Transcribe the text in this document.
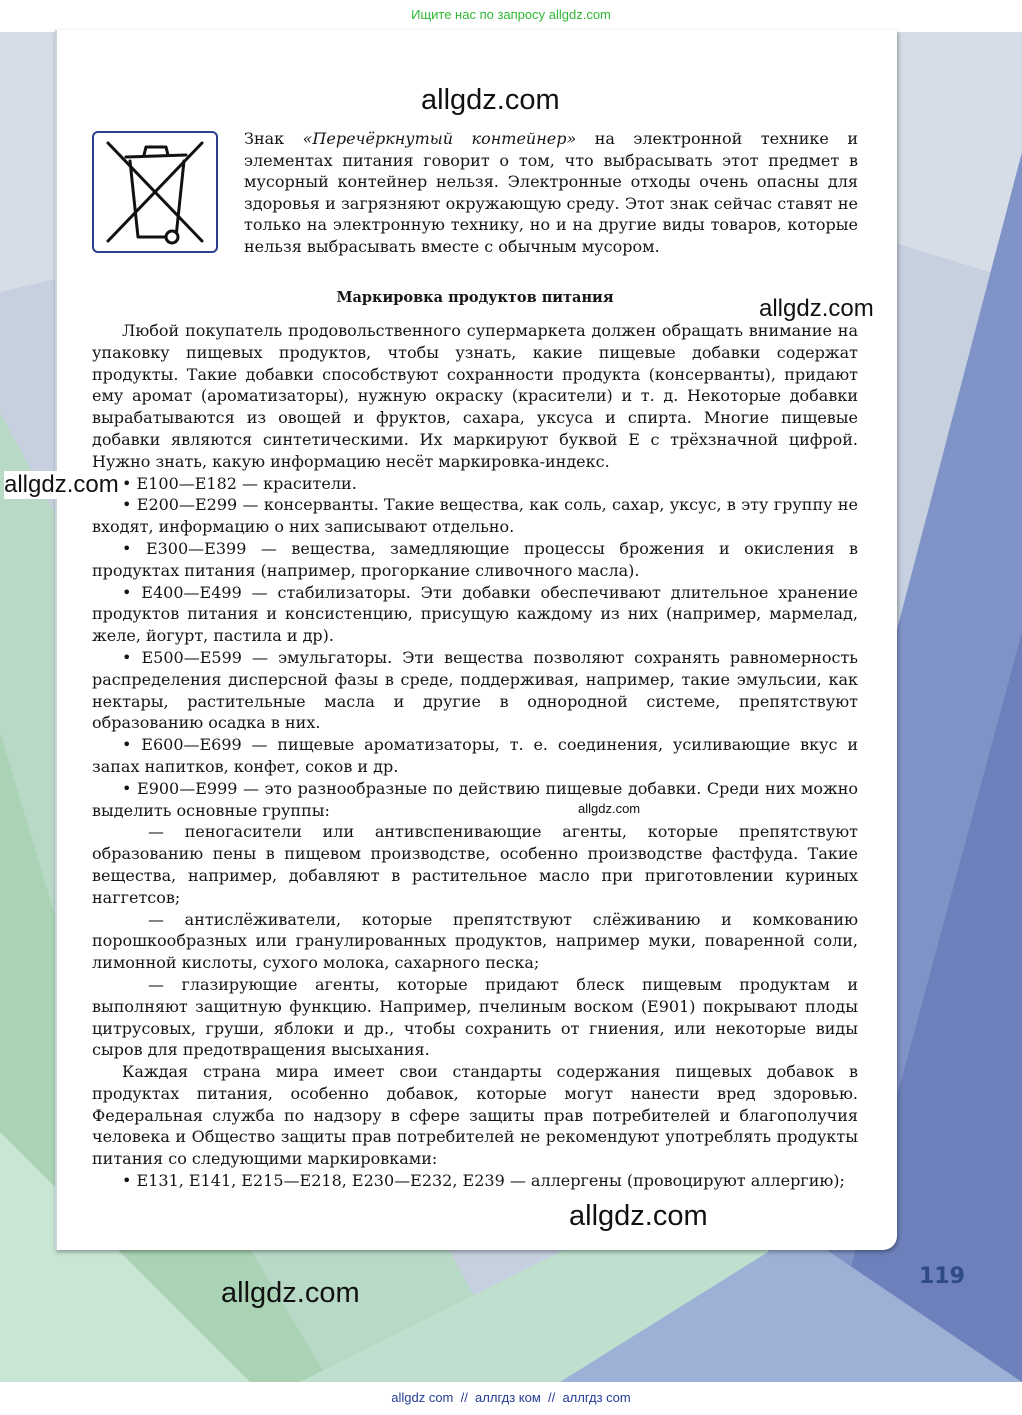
Ищите нас по запросу allgdz.com
allgdz.com
Знак «Перечёркнутый контейнер» на электронной технике и элементах питания говорит о том, что выбрасывать этот предмет в мусорный контейнер нельзя. Электронные отходы очень опасны для здоровья и загрязняют окружающую среду. Этот знак сейчас ставят не только на электронную технику, но и на другие виды товаров, которые нельзя выбрасывать вместе с обычным мусором.
Маркировка продуктов питания	allgdz.com

Любой покупатель продовольственного супермаркета должен обращать внимание на упаковку пищевых продуктов, чтобы узнать, какие пищевые добавки содержат продукты. Такие добавки способствуют сохранности продукта (консерванты), придают ему аромат (ароматизаторы), нужную окраску (красители) и т. д. Некоторые добавки вырабатываются из овощей и фруктов, сахара, уксуса и спирта. Многие пищевые добавки являются синтетическими. Их маркируют буквой Е с трёхзначной цифрой. Нужно знать, какую информацию несёт маркировка-индекс.

• Е100—Е182 — красители.

• Е200—Е299 — консерванты. Такие вещества, как соль, сахар, уксус, в эту группу не входят, информацию о них записывают отдельно.

• Е300—Е399 — вещества, замедляющие процессы брожения и окисления в продуктах питания (например, прогоркание сливочного масла).

• Е400—Е499 — стабилизаторы. Эти добавки обеспечивают длительное хранение продуктов питания и консистенцию, присущую каждому из них (например, мармелад, желе, йогурт, пастила и др).

• Е500—Е599 — эмульгаторы. Эти вещества позволяют сохранять равномерность распределения дисперсной фазы в среде, поддерживая, например, такие эмульсии, как нектары, растительные масла и другие в однородной системе, препятствуют образованию осадка в них.

• Е600—Е699 — пищевые ароматизаторы, т. е. соединения, усиливающие вкус и запах напитков, конфет, соков и др.

• Е900—Е999 — это разнообразные по действию пищевые добавки. Среди них можно выделить основные группы:

— пеногасители или антивспенивающие агенты, которые препятствуют образованию пены в пищевом производстве, особенно производстве фастфуда. Такие вещества, например, добавляют в растительное масло при приготовлении куриных наггетсов;

— антислёживатели, которые препятствуют слёживанию и комкованию порошкообразных или гранулированных продуктов, например муки, поваренной соли, лимонной кислоты, сухого молока, сахарного песка;

— глазирующие агенты, которые придают блеск пищевым продуктам и выполняют защитную функцию. Например, пчелиным воском (Е901) покрывают плоды цитрусовых, груши, яблоки и др., чтобы сохранить от гниения, или некоторые виды сыров для предотвращения высыхания.

Каждая страна мира имеет свои стандарты содержания пищевых добавок в продуктах питания, особенно добавок, которые могут нанести вред здоровью. Федеральная служба по надзору в сфере защиты прав потребителей и благополучия человека и Общество защиты прав потребителей не рекомендуют употреблять продукты питания со следующими маркировками:

• Е131, Е141, Е215—Е218, Е230—Е232, Е239 — аллергены (провоцируют аллергию);

allgdz.com
allgdz.com
allgdz.com
allgdz.com
119
allgdz com  //  аллгдз ком  //  аллгдз com
